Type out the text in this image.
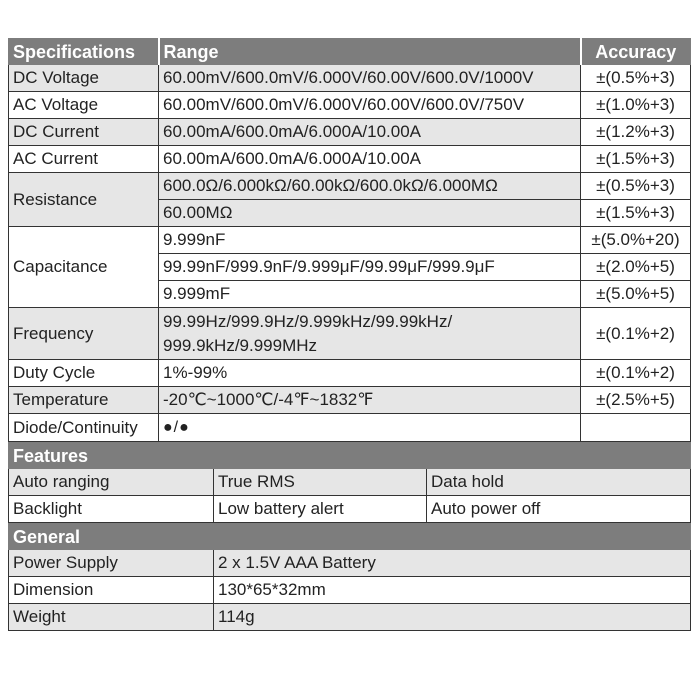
Specifications	Range	Accuracy
DC Voltage	60.00mV/600.0mV/6.000V/60.00V/600.0V/1000V	±(0.5%+3)
AC Voltage	60.00mV/600.0mV/6.000V/60.00V/600.0V/750V	±(1.0%+3)
DC Current	60.00mA/600.0mA/6.000A/10.00A	±(1.2%+3)
AC Current	60.00mA/600.0mA/6.000A/10.00A	±(1.5%+3)
Resistance	600.0Ω/6.000kΩ/60.00kΩ/600.0kΩ/6.000MΩ	±(0.5%+3)
	60.00MΩ	±(1.5%+3)
Capacitance	9.999nF	±(5.0%+20)
	99.99nF/999.9nF/9.999μF/99.99μF/999.9μF	±(2.0%+5)
	9.999mF	±(5.0%+5)
Frequency	99.99Hz/999.9Hz/9.999kHz/99.99kHz/ 999.9kHz/9.999MHz	±(0.1%+2)
Duty Cycle	1%-99%	±(0.1%+2)
Temperature	-20℃~1000℃/-4℉~1832℉	±(2.5%+5)
Diode/Continuity	●/●	
Features		
Auto ranging	True RMS	Data hold
Backlight	Low battery alert	Auto power off
General	
Power Supply	2 x 1.5V AAA Battery
Dimension	130*65*32mm
Weight	114g
